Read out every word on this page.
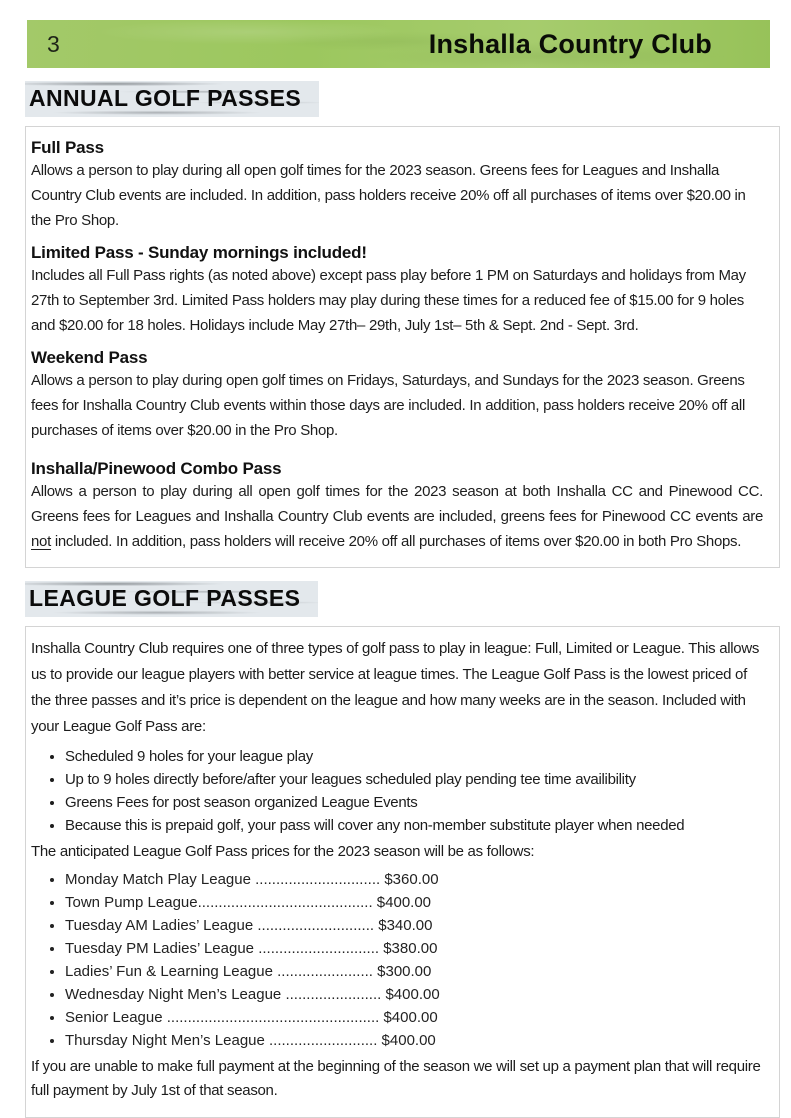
3	Inshalla Country Club
ANNUAL GOLF PASSES
Full Pass

Allows a person to play during all open golf times for the 2023 season. Greens fees for Leagues and Inshalla Country Club events are included. In addition, pass holders receive 20% off all purchases of items over $20.00 in the Pro Shop.

Limited Pass - Sunday mornings included!

Includes all Full Pass rights (as noted above) except pass play before 1 PM on Saturdays and holidays from May 27th to September 3rd. Limited Pass holders may play during these times for a reduced fee of $15.00 for 9 holes and $20.00 for 18 holes. Holidays include May 27th– 29th, July 1st– 5th & Sept. 2nd - Sept. 3rd.

Weekend Pass

Allows a person to play during open golf times on Fridays, Saturdays, and Sundays for the 2023 season. Greens fees for Inshalla Country Club events within those days are included. In addition, pass holders receive 20% off all purchases of items over $20.00 in the Pro Shop.

Inshalla/Pinewood Combo Pass

Allows a person to play during all open golf times for the 2023 season at both Inshalla CC and Pinewood CC. Greens fees for Leagues and Inshalla Country Club events are included, greens fees for Pinewood CC events are not included. In addition, pass holders will receive 20% off all purchases of items over $20.00 in both Pro Shops.

LEAGUE GOLF PASSES

Inshalla Country Club requires one of three types of golf pass to play in league: Full, Limited or League. This allows us to provide our league players with better service at league times. The League Golf Pass is the lowest priced of the three passes and it’s price is dependent on the league and how many weeks are in the season. Included with your League Golf Pass are:

• Scheduled 9 holes for your league play
• Up to 9 holes directly before/after your leagues scheduled play pending tee time availibility
• Greens Fees for post season organized League Events
• Because this is prepaid golf, your pass will cover any non-member substitute player when needed

The anticipated League Golf Pass prices for the 2023 season will be as follows:

• Monday Match Play League .............................. $360.00
• Town Pump League.......................................... $400.00
• Tuesday AM Ladies’ League ............................ $340.00
• Tuesday PM Ladies’ League ............................. $380.00
• Ladies’ Fun & Learning League ....................... $300.00
• Wednesday Night Men’s League ....................... $400.00
• Senior League ................................................... $400.00
• Thursday Night Men’s League .......................... $400.00

If you are unable to make full payment at the beginning of the season we will set up a payment plan that will require full payment by July 1st of that season.
